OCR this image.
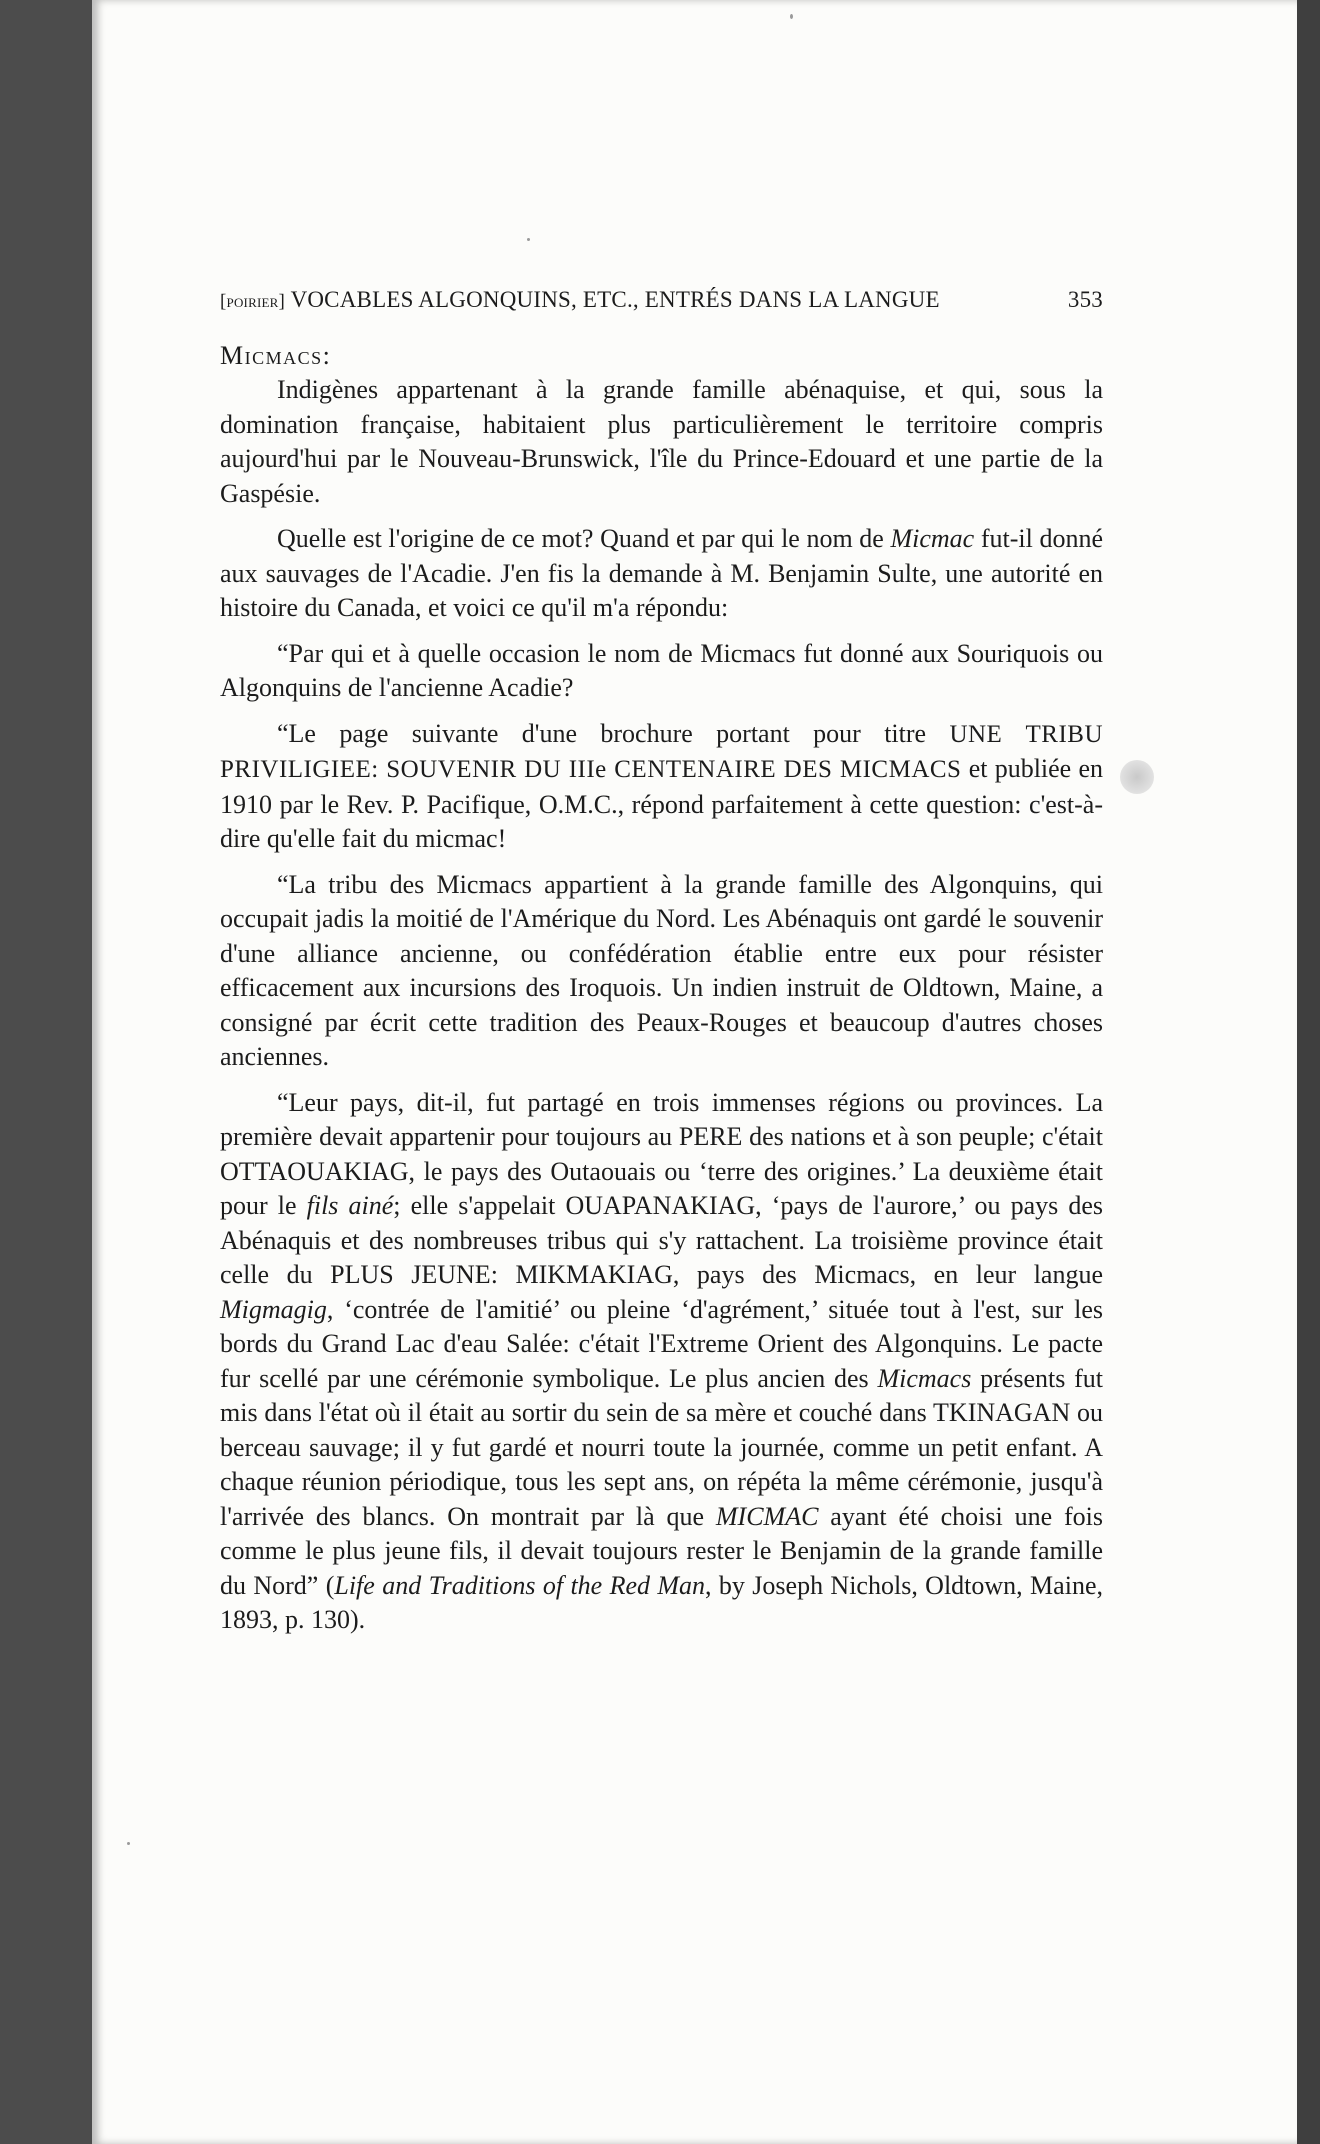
[poirier] VOCABLES ALGONQUINS, ETC., ENTRÉS DANS LA LANGUE	353

Micmacs:

Indigènes appartenant à la grande famille abénaquise, et qui, sous la domination française, habitaient plus particulièrement le territoire compris aujourd'hui par le Nouveau-Brunswick, l'île du Prince-Edouard et une partie de la Gaspésie.

Quelle est l'origine de ce mot? Quand et par qui le nom de Micmac fut-il donné aux sauvages de l'Acadie. J'en fis la demande à M. Benjamin Sulte, une autorité en histoire du Canada, et voici ce qu'il m'a répondu:

“Par qui et à quelle occasion le nom de Micmacs fut donné aux Souriquois ou Algonquins de l'ancienne Acadie?

“Le page suivante d'une brochure portant pour titre UNE TRIBU PRIVILIGIEE: SOUVENIR DU IIIe CENTENAIRE DES MICMACS et publiée en 1910 par le Rev. P. Pacifique, O.M.C., répond parfaitement à cette question: c'est-à-dire qu'elle fait du micmac!

“La tribu des Micmacs appartient à la grande famille des Algonquins, qui occupait jadis la moitié de l'Amérique du Nord. Les Abénaquis ont gardé le souvenir d'une alliance ancienne, ou confédération établie entre eux pour résister efficacement aux incursions des Iroquois. Un indien instruit de Oldtown, Maine, a consigné par écrit cette tradition des Peaux-Rouges et beaucoup d'autres choses anciennes.

“Leur pays, dit-il, fut partagé en trois immenses régions ou provinces. La première devait appartenir pour toujours au PERE des nations et à son peuple; c'était OTTAOUAKIAG, le pays des Outaouais ou ‘terre des origines.’ La deuxième était pour le fils ainé; elle s'appelait OUAPANAKIAG, ‘pays de l'aurore,’ ou pays des Abénaquis et des nombreuses tribus qui s'y rattachent. La troisième province était celle du PLUS JEUNE: MIKMAKIAG, pays des Micmacs, en leur langue Migmagig, ‘contrée de l'amitié’ ou pleine ‘d'agrément,’ située tout à l'est, sur les bords du Grand Lac d'eau Salée: c'était l'Extreme Orient des Algonquins. Le pacte fur scellé par une cérémonie symbolique. Le plus ancien des Micmacs présents fut mis dans l'état où il était au sortir du sein de sa mère et couché dans TKINAGAN ou berceau sauvage; il y fut gardé et nourri toute la journée, comme un petit enfant. A chaque réunion périodique, tous les sept ans, on répéta la même cérémonie, jusqu'à l'arrivée des blancs. On montrait par là que MICMAC ayant été choisi une fois comme le plus jeune fils, il devait toujours rester le Benjamin de la grande famille du Nord” (Life and Traditions of the Red Man, by Joseph Nichols, Oldtown, Maine, 1893, p. 130).
